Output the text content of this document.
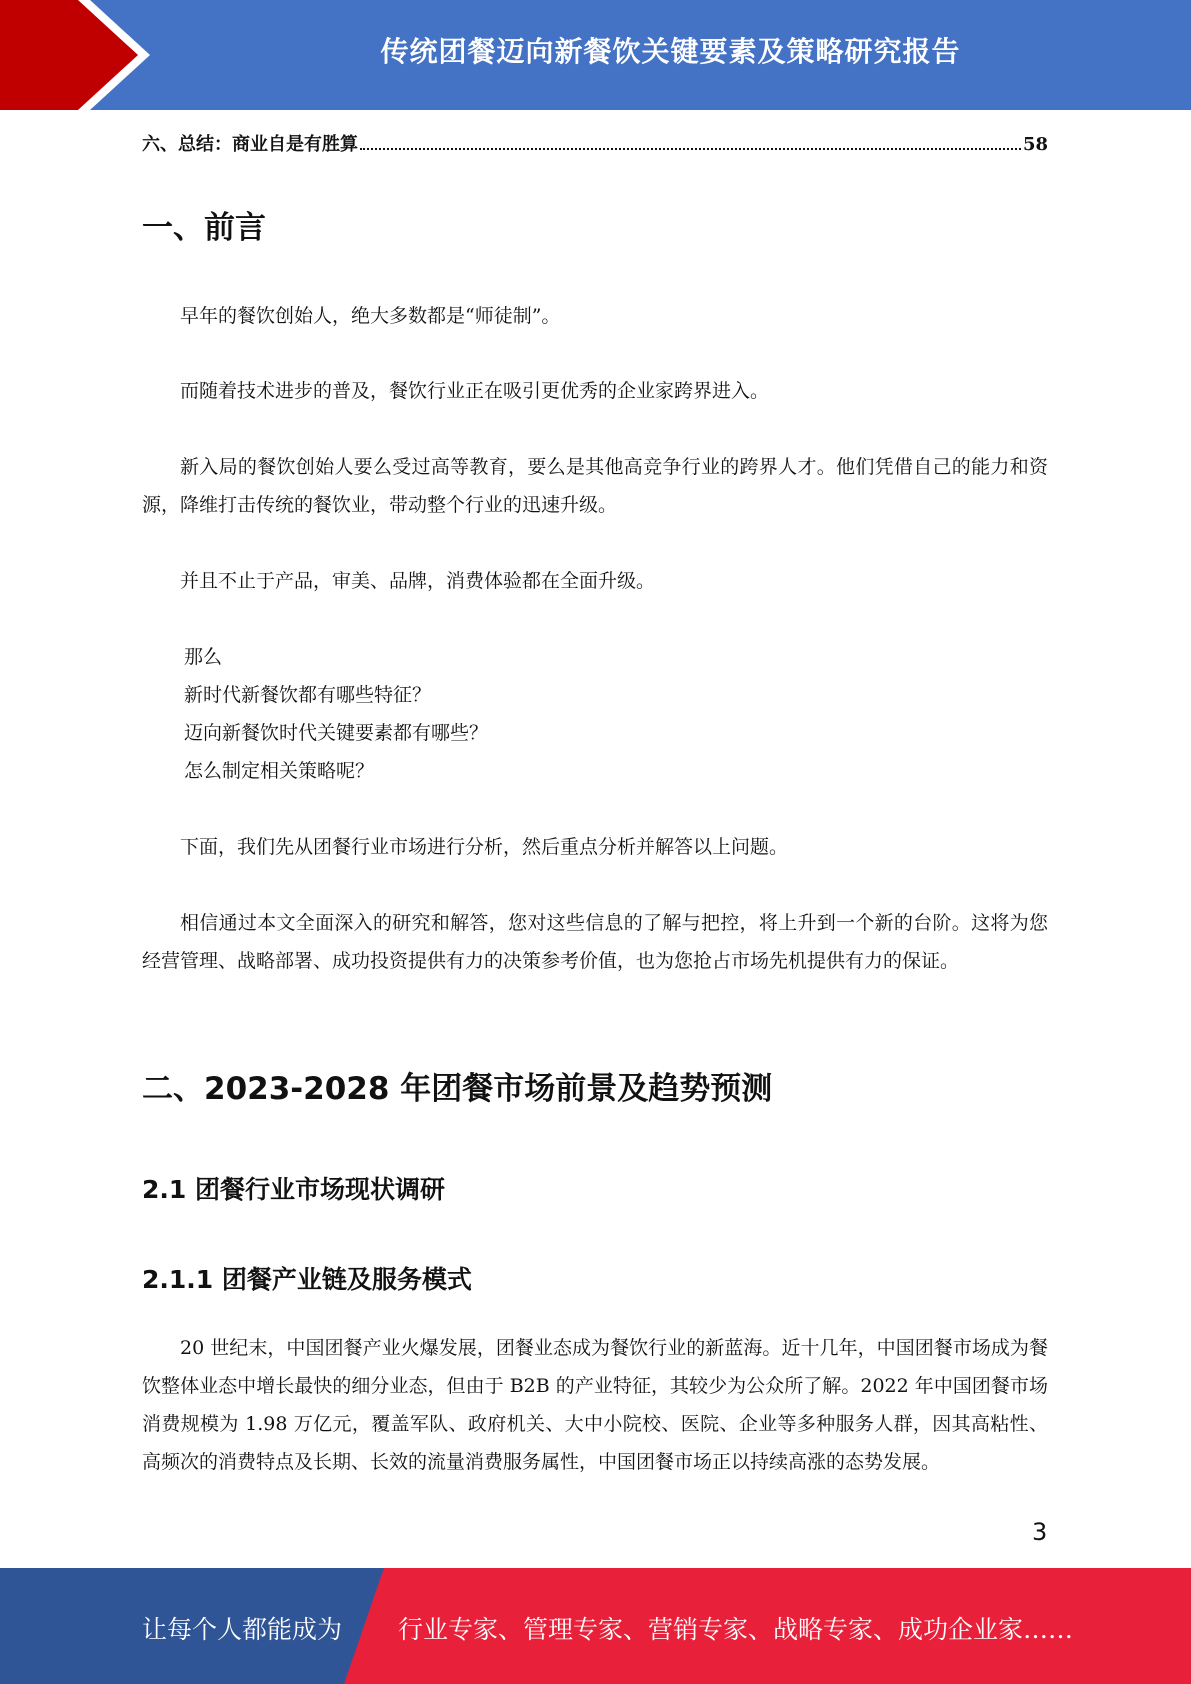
传统团餐迈向新餐饮关键要素及策略研究报告
六、总结：商业自是有胜算	58
一、前言

早年的餐饮创始人，绝大多数都是“师徒制”。

而随着技术进步的普及，餐饮行业正在吸引更优秀的企业家跨界进入。

新入局的餐饮创始人要么受过高等教育，要么是其他高竞争行业的跨界人才。他们凭借自己的能力和资源，降维打击传统的餐饮业，带动整个行业的迅速升级。

并且不止于产品，审美、品牌，消费体验都在全面升级。

那么
新时代新餐饮都有哪些特征？
迈向新餐饮时代关键要素都有哪些？
怎么制定相关策略呢？

下面，我们先从团餐行业市场进行分析，然后重点分析并解答以上问题。

相信通过本文全面深入的研究和解答，您对这些信息的了解与把控，将上升到一个新的台阶。这将为您经营管理、战略部署、成功投资提供有力的决策参考价值，也为您抢占市场先机提供有力的保证。

二、2023-2028 年团餐市场前景及趋势预测
2.1 团餐行业市场现状调研
2.1.1 团餐产业链及服务模式

20 世纪末，中国团餐产业火爆发展，团餐业态成为餐饮行业的新蓝海。近十几年，中国团餐市场成为餐饮整体业态中增长最快的细分业态，但由于 B2B 的产业特征，其较少为公众所了解。2022 年中国团餐市场消费规模为 1.98 万亿元，覆盖军队、政府机关、大中小院校、医院、企业等多种服务人群，因其高粘性、高频次的消费特点及长期、长效的流量消费服务属性，中国团餐市场正以持续高涨的态势发展。

3
让每个人都能成为 行业专家、管理专家、营销专家、战略专家、成功企业家……
